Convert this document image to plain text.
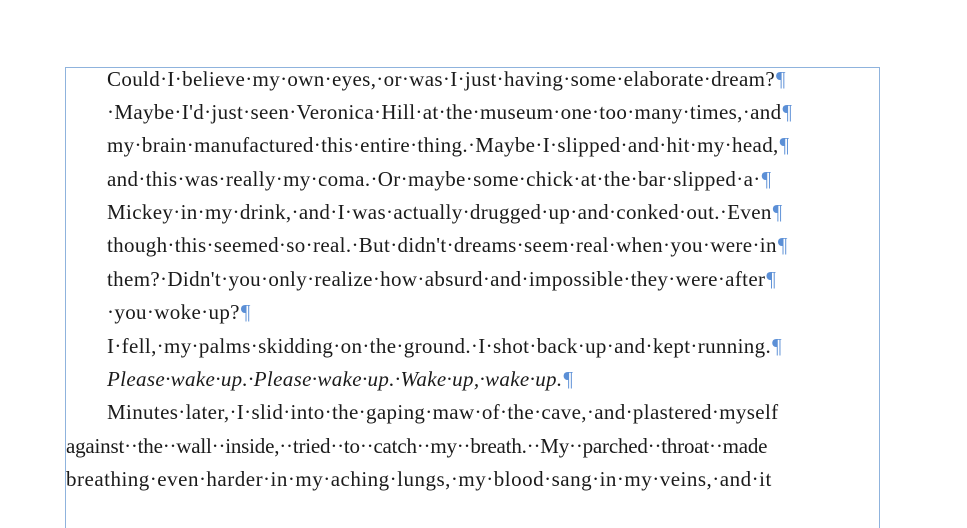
Could·I·believe·my·own·eyes,·or·was·I·just·having·some·elaborate·dream?¶
·Maybe·I'd·just·seen·Veronica·Hill·at·the·museum·one·too·many·times,·and¶
my·brain·manufactured·this·entire·thing.·Maybe·I·slipped·and·hit·my·head,¶
and·this·was·really·my·coma.·Or·maybe·some·chick·at·the·bar·slipped·a·¶
Mickey·in·my·drink,·and·I·was·actually·drugged·up·and·conked·out.·Even¶
though·this·seemed·so·real.·But·didn't·dreams·seem·real·when·you·were·in¶
them?·Didn't·you·only·realize·how·absurd·and·impossible·they·were·after¶
·you·woke·up?¶
I·fell,·my·palms·skidding·on·the·ground.·I·shot·back·up·and·kept·running.¶
Please·wake·up.·Please·wake·up.·Wake·up,·wake·up.¶
Minutes·later,·I·slid·into·the·gaping·maw·of·the·cave,·and·plastered·myself
against··the··wall··inside,··tried··to··catch··my··breath.··My··parched··throat··made
breathing·even·harder·in·my·aching·lungs,·my·blood·sang·in·my·veins,·and·it
